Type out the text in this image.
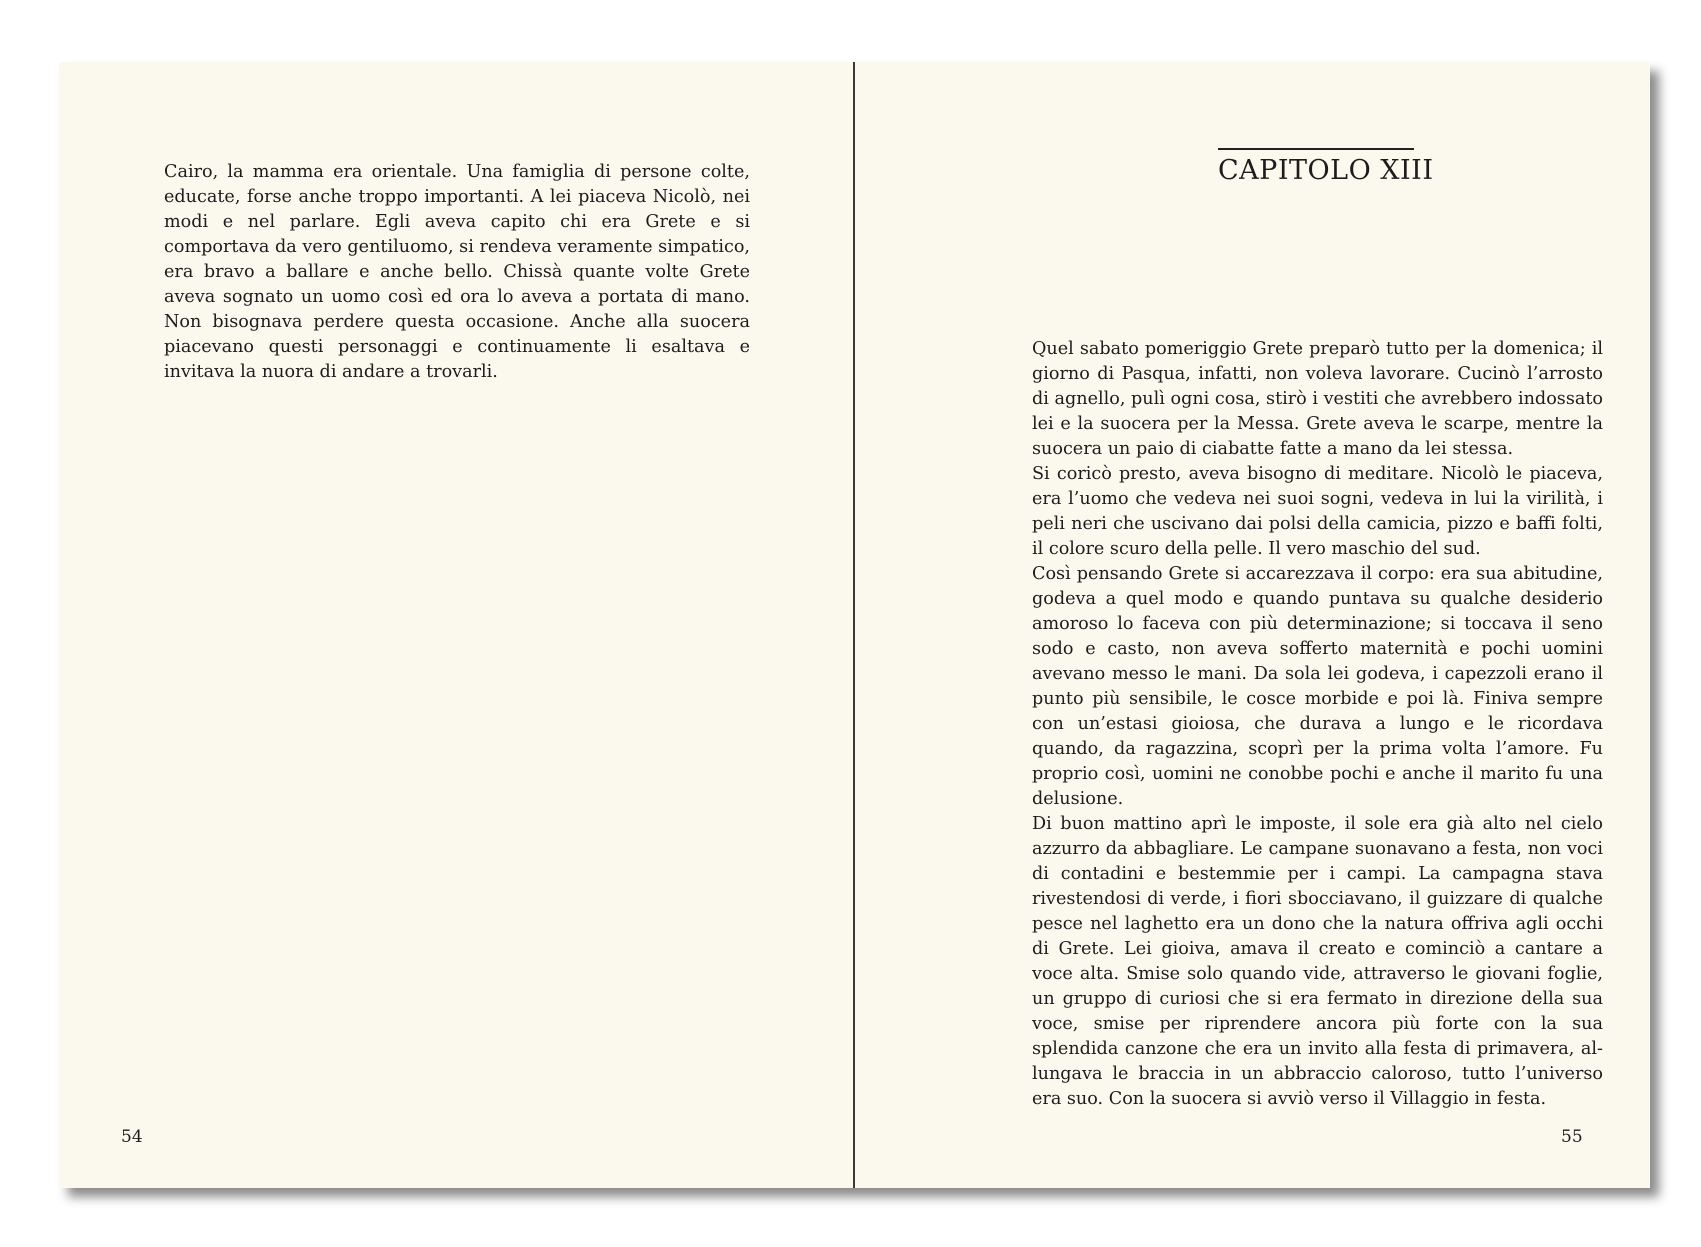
Cairo, la mamma era orientale. Una famiglia di persone colte, educate, forse anche troppo importanti. A lei piaceva Nicolò, nei modi e nel parlare. Egli aveva capito chi era Grete e si comportava da vero gentiluomo, si rendeva veramente simpatico, era bravo a ballare e anche bello. Chissà quante volte Grete aveva sognato un uomo così ed ora lo aveva a portata di mano. Non bisognava perdere questa occasione. Anche alla suocera piacevano questi personaggi e continuamente li esaltava e invitava la nuora di andare a trovarli.

54
CAPITOLO XIII

Quel sabato pomeriggio Grete preparò tutto per la domenica; il giorno di Pasqua, infatti, non voleva lavorare. Cucinò l’arrosto di agnello, pulì ogni cosa, stirò i vestiti che avrebbero indossato lei e la suocera per la Messa. Grete aveva le scarpe, mentre la suocera un paio di ciabatte fatte a mano da lei stessa.

Si coricò presto, aveva bisogno di meditare. Nicolò le piaceva, era l’uomo che vedeva nei suoi sogni, vedeva in lui la virilità, i peli neri che uscivano dai polsi della camicia, pizzo e baffi folti, il colore scuro della pelle. Il vero maschio del sud.

Così pensando Grete si accarezzava il corpo: era sua abitudine, godeva a quel modo e quando puntava su qualche desiderio amoroso lo faceva con più determinazione; si toccava il seno sodo e casto, non aveva sofferto maternità e pochi uomini avevano messo le mani. Da sola lei godeva, i capezzoli erano il punto più sensibile, le cosce morbide e poi là. Finiva sempre con un’estasi gioiosa, che durava a lungo e le ricordava quando, da ragazzina, scoprì per la prima volta l’amore. Fu proprio così, uomini ne conobbe pochi e anche il marito fu una delusione.

Di buon mattino aprì le imposte, il sole era già alto nel cielo azzurro da abbagliare. Le campane suonavano a festa, non voci di contadini e bestemmie per i campi. La campagna stava rivestendosi di verde, i fiori sbocciavano, il guizzare di qualche pesce nel laghetto era un dono che la natura offriva agli occhi di Grete. Lei gioiva, amava il creato e cominciò a cantare a voce alta. Smise solo quando vide, attraverso le giovani foglie, un gruppo di curiosi che si era fermato in direzione della sua voce, smise per riprendere ancora più forte con la sua splendida canzone che era un invito alla festa di primavera, allungava le braccia in un abbraccio caloroso, tutto l’universo era suo. Con la suocera si avviò verso il Villaggio in festa.

55
